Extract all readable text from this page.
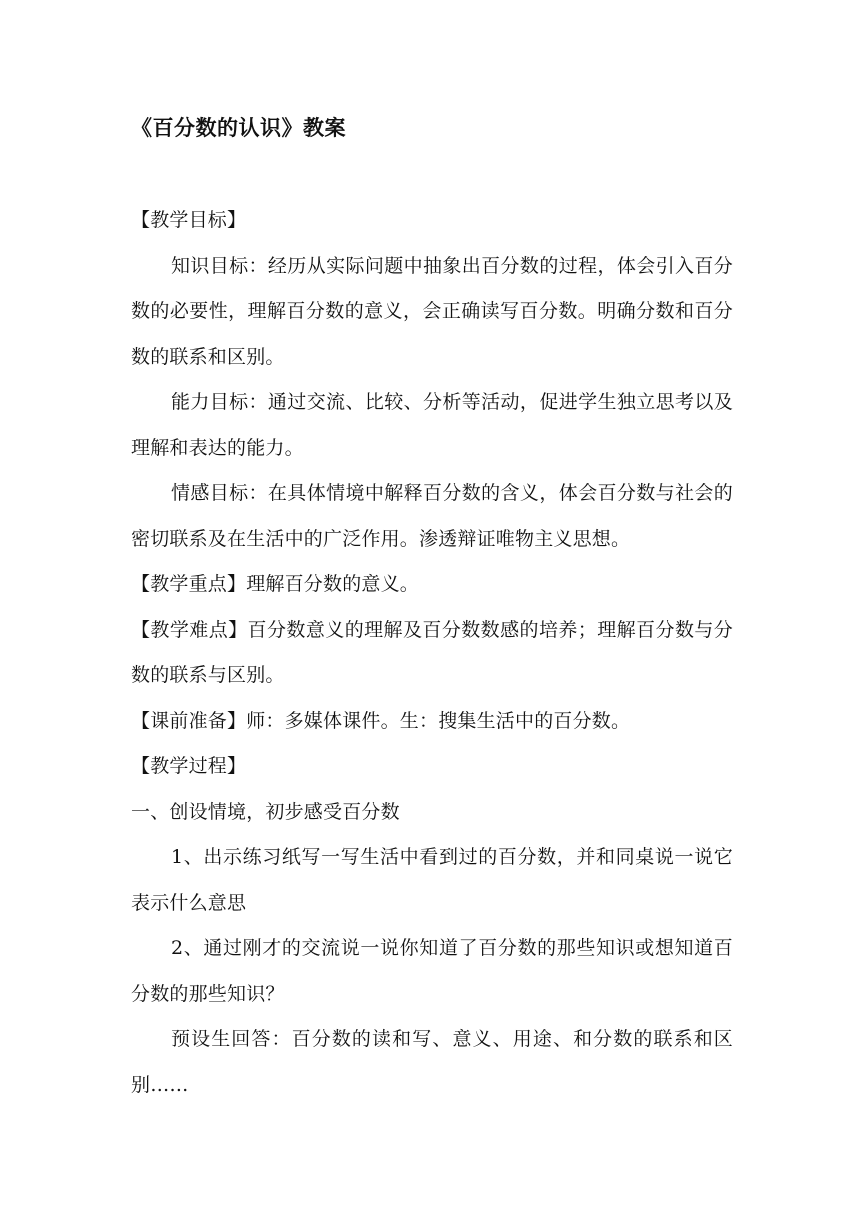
《百分数的认识》教案

【教学目标】

知识目标：经历从实际问题中抽象出百分数的过程，体会引入百分数的必要性，理解百分数的意义，会正确读写百分数。明确分数和百分数的联系和区别。

能力目标：通过交流、比较、分析等活动，促进学生独立思考以及理解和表达的能力。

情感目标：在具体情境中解释百分数的含义，体会百分数与社会的密切联系及在生活中的广泛作用。渗透辩证唯物主义思想。

【教学重点】理解百分数的意义。

【教学难点】百分数意义的理解及百分数数感的培养；理解百分数与分数的联系与区别。

【课前准备】师：多媒体课件。生：搜集生活中的百分数。

【教学过程】

一、创设情境，初步感受百分数

1、出示练习纸写一写生活中看到过的百分数，并和同桌说一说它表示什么意思

2、通过刚才的交流说一说你知道了百分数的那些知识或想知道百分数的那些知识？

预设生回答：百分数的读和写、意义、用途、和分数的联系和区别……
